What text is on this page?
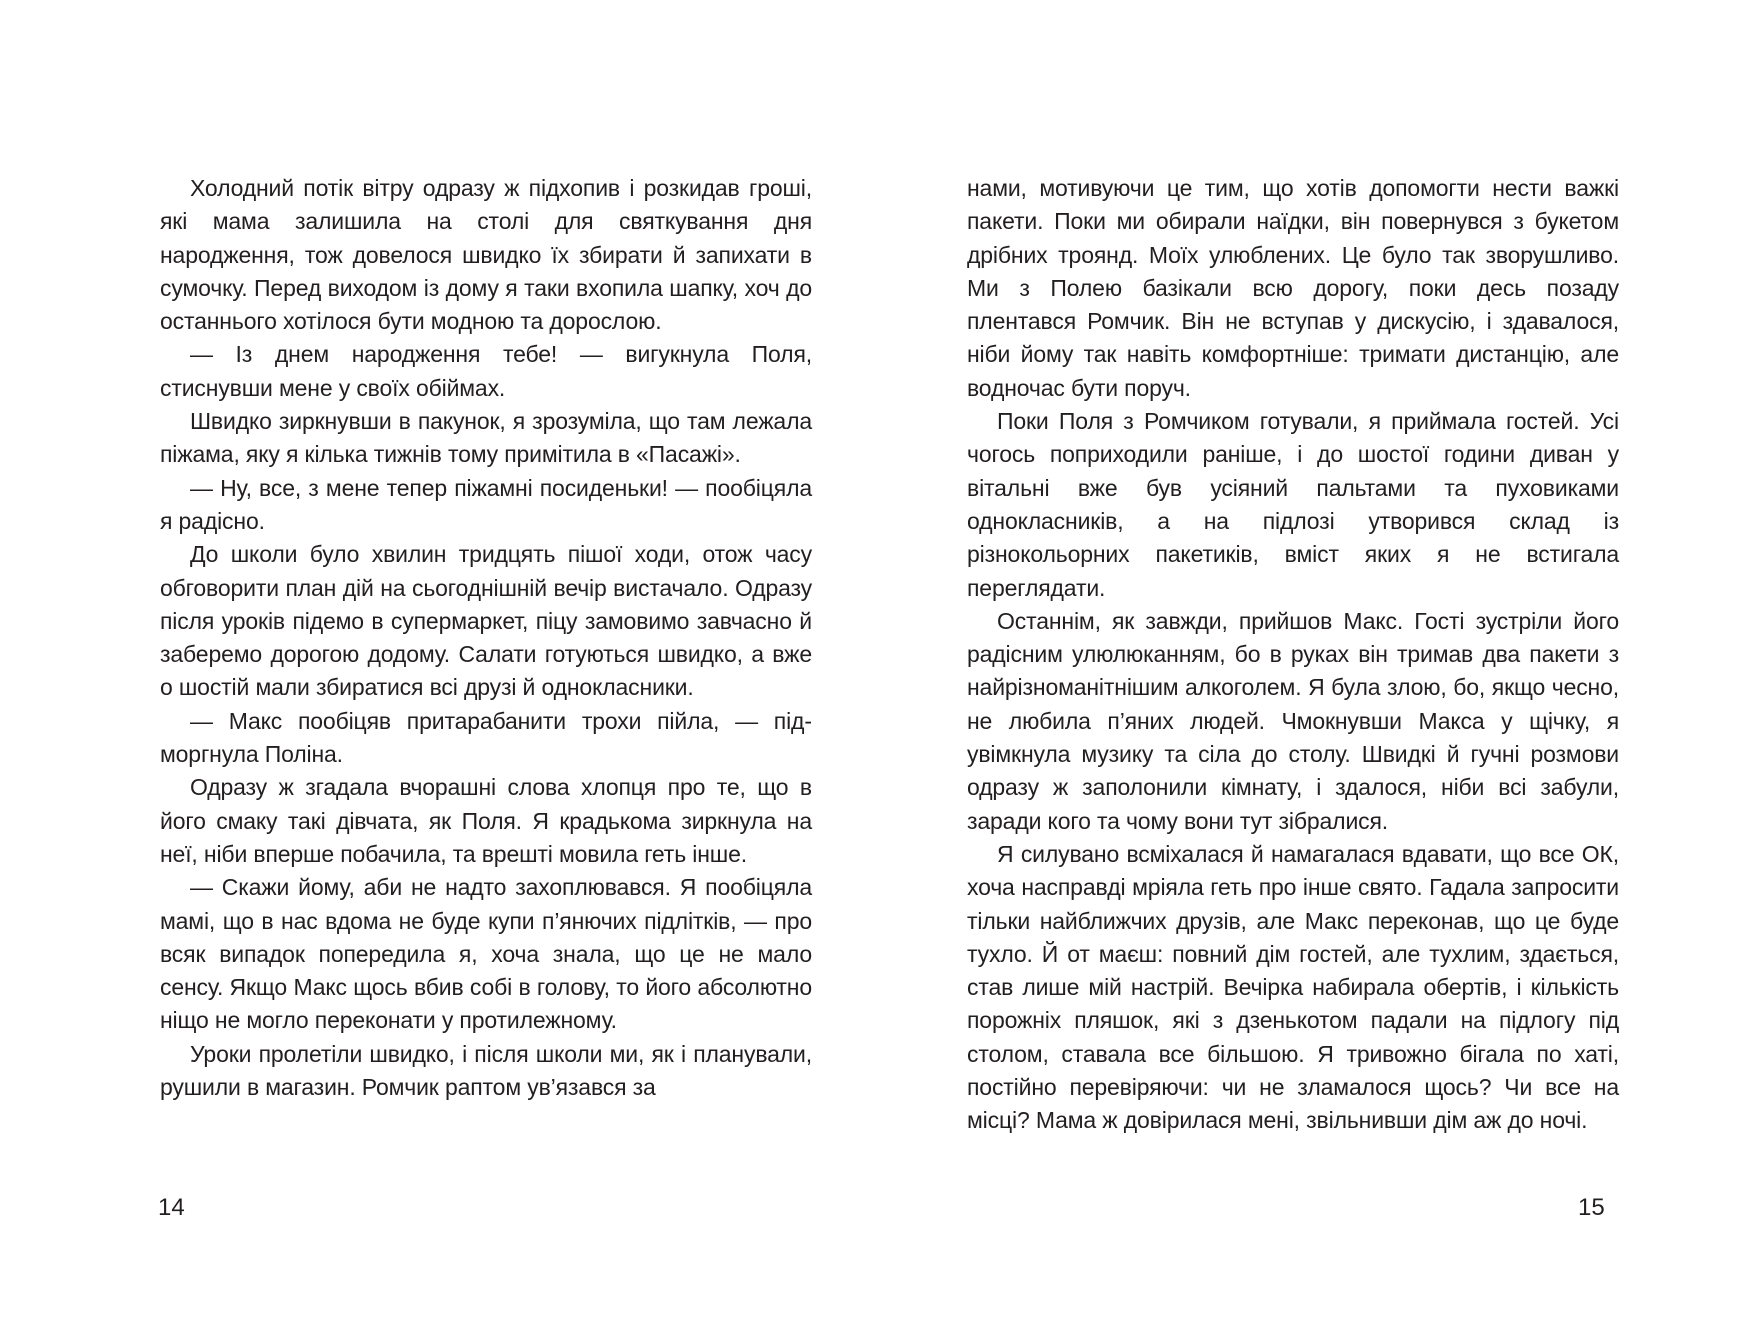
Холодний потік вітру одразу ж підхопив і розкидав гроші, які мама залишила на столі для святкування дня народження, тож довелося швидко їх збирати й запихати в сумочку. Перед виходом із дому я таки вхопила шапку, хоч до останнього хотілося бути модною та дорослою.

— Із днем народження тебе! — вигукнула Поля, стиснувши мене у своїх обіймах.

Швидко зиркнувши в пакунок, я зрозуміла, що там лежала піжама, яку я кілька тижнів тому примітила в «Пасажі».

— Ну, все, з мене тепер піжамні посиденьки! — пообіцяла я радісно.

До школи було хвилин тридцять пішої ходи, отож часу обговорити план дій на сьогоднішній вечір вистачало. Одразу після уроків підемо в супермаркет, піцу замовимо завчасно й заберемо дорогою додому. Салати готуються швидко, а вже о шостій мали збиратися всі друзі й однокласники.

— Макс пообіцяв притарабанити трохи пійла, — підморгнула Поліна.

Одразу ж згадала вчорашні слова хлопця про те, що в його смаку такі дівчата, як Поля. Я крадькома зиркнула на неї, ніби вперше побачила, та врешті мовила геть інше.

— Скажи йому, аби не надто захоплювався. Я пообіцяла мамі, що в нас вдома не буде купи п’янючих підлітків, — про всяк випадок попередила я, хоча знала, що це не мало сенсу. Якщо Макс щось вбив собі в голову, то його абсолютно ніщо не могло переконати у протилежному.

Уроки пролетіли швидко, і після школи ми, як і планували, рушили в магазин. Ромчик раптом ув’язався за

14

нами, мотивуючи це тим, що хотів допомогти нести важкі пакети. Поки ми обирали наїдки, він повернувся з букетом дрібних троянд. Моїх улюблених. Це було так зворушливо. Ми з Полею базікали всю дорогу, поки десь позаду плентався Ромчик. Він не вступав у дискусію, і здавалося, ніби йому так навіть комфортніше: тримати дистанцію, але водночас бути поруч.

Поки Поля з Ромчиком готували, я приймала гостей. Усі чогось поприходили раніше, і до шостої години диван у вітальні вже був усіяний пальтами та пуховиками однокласників, а на підлозі утворився склад із різнокольорних пакетиків, вміст яких я не встигала переглядати.

Останнім, як завжди, прийшов Макс. Гості зустріли його радісним улюлюканням, бо в руках він тримав два пакети з найрізноманітнішим алкоголем. Я була злою, бо, якщо чесно, не любила п’яних людей. Чмокнувши Макса у щічку, я увімкнула музику та сіла до столу. Швидкі й гучні розмови одразу ж заполонили кімнату, і здалося, ніби всі забули, заради кого та чому вони тут зібралися.

Я силувано всміхалася й намагалася вдавати, що все ОК, хоча насправді мріяла геть про інше свято. Гадала запросити тільки найближчих друзів, але Макс переконав, що це буде тухло. Й от маєш: повний дім гостей, але тухлим, здається, став лише мій настрій. Вечірка набирала обертів, і кількість порожніх пляшок, які з дзенькотом падали на підлогу під столом, ставала все більшою. Я тривожно бігала по хаті, постійно перевіряючи: чи не зламалося щось? Чи все на місці? Мама ж довірилася мені, звільнивши дім аж до ночі.

15
